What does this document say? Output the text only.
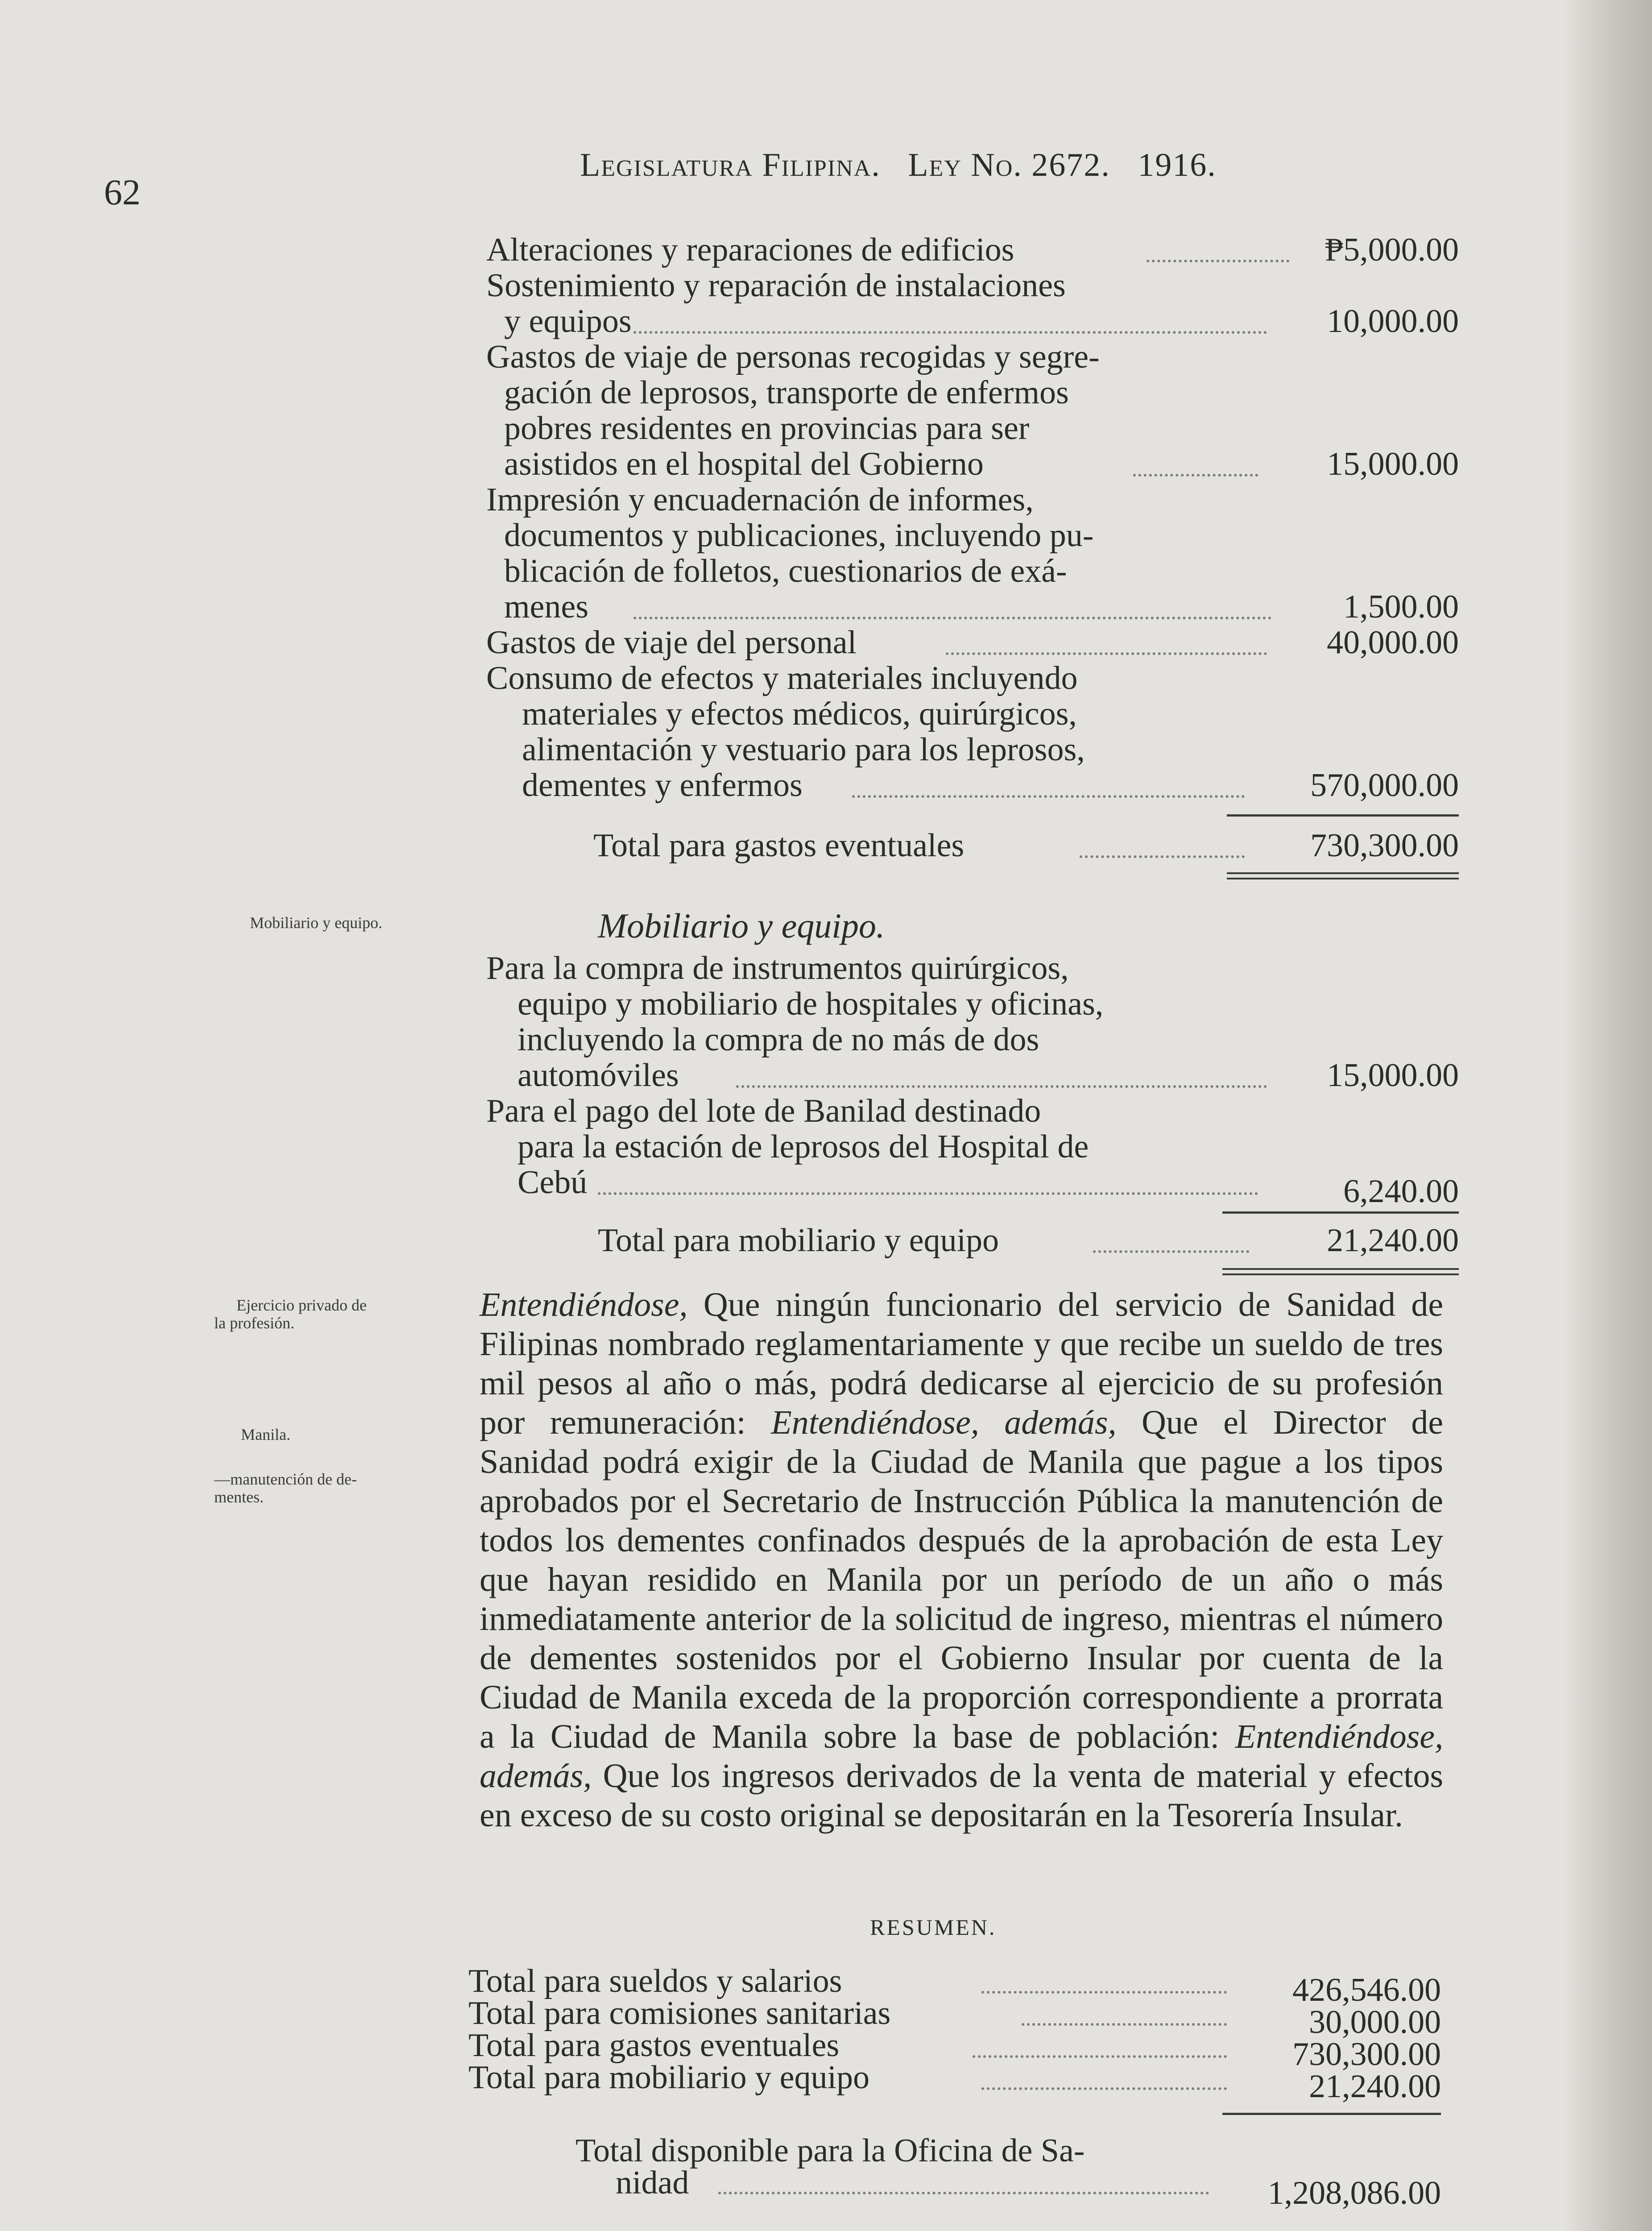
62
Legislatura Filipina. Ley No. 2672. 1916.
Alteraciones y reparaciones de edificios	₱5,000.00
Sostenimiento y reparación de instalaciones
y equipos	10,000.00
Gastos de viaje de personas recogidas y segre-
gación de leprosos, transporte de enfermos
pobres residentes en provincias para ser
asistidos en el hospital del Gobierno	15,000.00
Impresión y encuadernación de informes,
documentos y publicaciones, incluyendo pu-
blicación de folletos, cuestionarios de exá-
menes	1,500.00
Gastos de viaje del personal	40,000.00
Consumo de efectos y materiales incluyendo
materiales y efectos médicos, quirúrgicos,
alimentación y vestuario para los leprosos,
dementes y enfermos	570,000.00
Total para gastos eventuales	730,300.00
Mobiliario y equipo.	Mobiliario y equipo.
Para la compra de instrumentos quirúrgicos,
equipo y mobiliario de hospitales y oficinas,
incluyendo la compra de no más de dos
automóviles	15,000.00
Para el pago del lote de Banilad destinado
para la estación de leprosos del Hospital de
Cebú	6,240.00
Total para mobiliario y equipo	21,240.00
Ejercicio privado de
la profesión.
Manila.
—manutención de de-
mentes.
Entendiéndose, Que ningún funcionario del servicio de Sanidad de Filipinas nombrado reglamentariamente y que recibe un sueldo de tres mil pesos al año o más, podrá dedicarse al ejercicio de su profesión por remuneración: Entendiéndose, además, Que el Director de Sanidad podrá exigir de la Ciudad de Manila que pague a los tipos aprobados por el Secretario de Instrucción Pública la manutención de todos los dementes confinados después de la aprobación de esta Ley que hayan residido en Manila por un período de un año o más inmediatamente anterior de la solicitud de ingreso, mientras el número de dementes sostenidos por el Gobierno Insular por cuenta de la Ciudad de Manila exceda de la proporción correspondiente a prorrata a la Ciudad de Manila sobre la base de población: Entendiéndose, además, Que los ingresos derivados de la venta de material y efectos en exceso de su costo original se depositarán en la Tesorería Insular.
RESUMEN.
Total para sueldos y salarios	426,546.00
Total para comisiones sanitarias	30,000.00
Total para gastos eventuales	730,300.00
Total para mobiliario y equipo	21,240.00
Total disponible para la Oficina de Sa-
nidad	1,208,086.00
